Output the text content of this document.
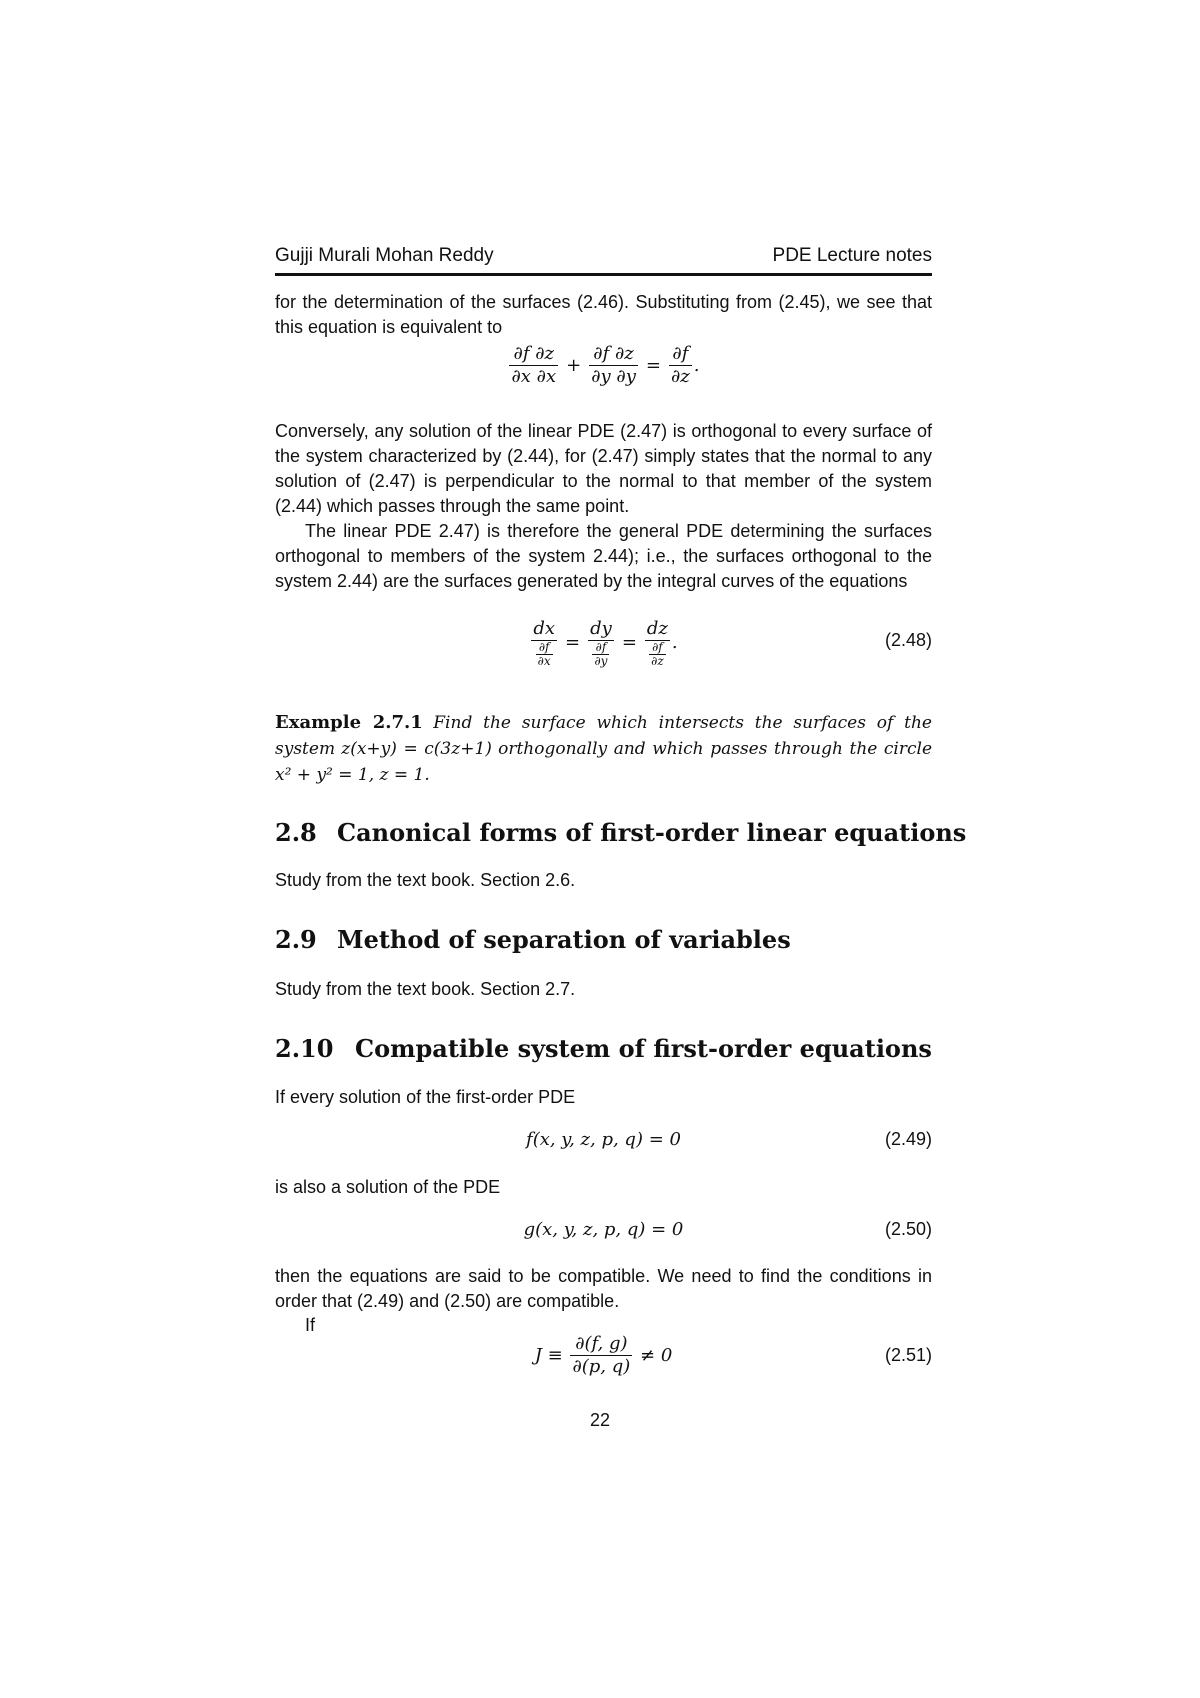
Gujji Murali Mohan Reddy	PDE Lecture notes
for the determination of the surfaces (2.46). Substituting from (2.45), we see that this equation is equivalent to
$\frac{\partial f \partial z}{\partial x \partial x} + \frac{\partial f \partial z}{\partial y \partial y} = \frac{\partial f}{\partial z}$ .
Conversely, any solution of the linear PDE (2.47) is orthogonal to every surface of the system characterized by (2.44), for (2.47) simply states that the normal to any solution of (2.47) is perpendicular to the normal to that member of the system (2.44) which passes through the same point.
The linear PDE 2.47) is therefore the general PDE determining the surfaces orthogonal to members of the system 2.44); i.e., the surfaces orthogonal to the system 2.44) are the surfaces generated by the integral curves of the equations
$\frac{dx}{\frac{\partial f}{\partial x}} = \frac{dy}{\frac{\partial f}{\partial y}} = \frac{dz}{\frac{\partial f}{\partial z}}$ .	(2.48)
Example 2.7.1 Find the surface which intersects the surfaces of the system z(x+y) = c(3z+1) orthogonally and which passes through the circle x² + y² = 1, z = 1.
2.8 Canonical forms of first-order linear equations
Study from the text book. Section 2.6.
2.9 Method of separation of variables
Study from the text book. Section 2.7.
2.10 Compatible system of first-order equations
If every solution of the first-order PDE
f(x, y, z, p, q) = 0	(2.49)
is also a solution of the PDE
g(x, y, z, p, q) = 0	(2.50)
then the equations are said to be compatible. We need to find the conditions in order that (2.49) and (2.50) are compatible.
If
$J \equiv \frac{\partial(f, g)}{\partial(p, q)} \ne 0$	(2.51)
22
